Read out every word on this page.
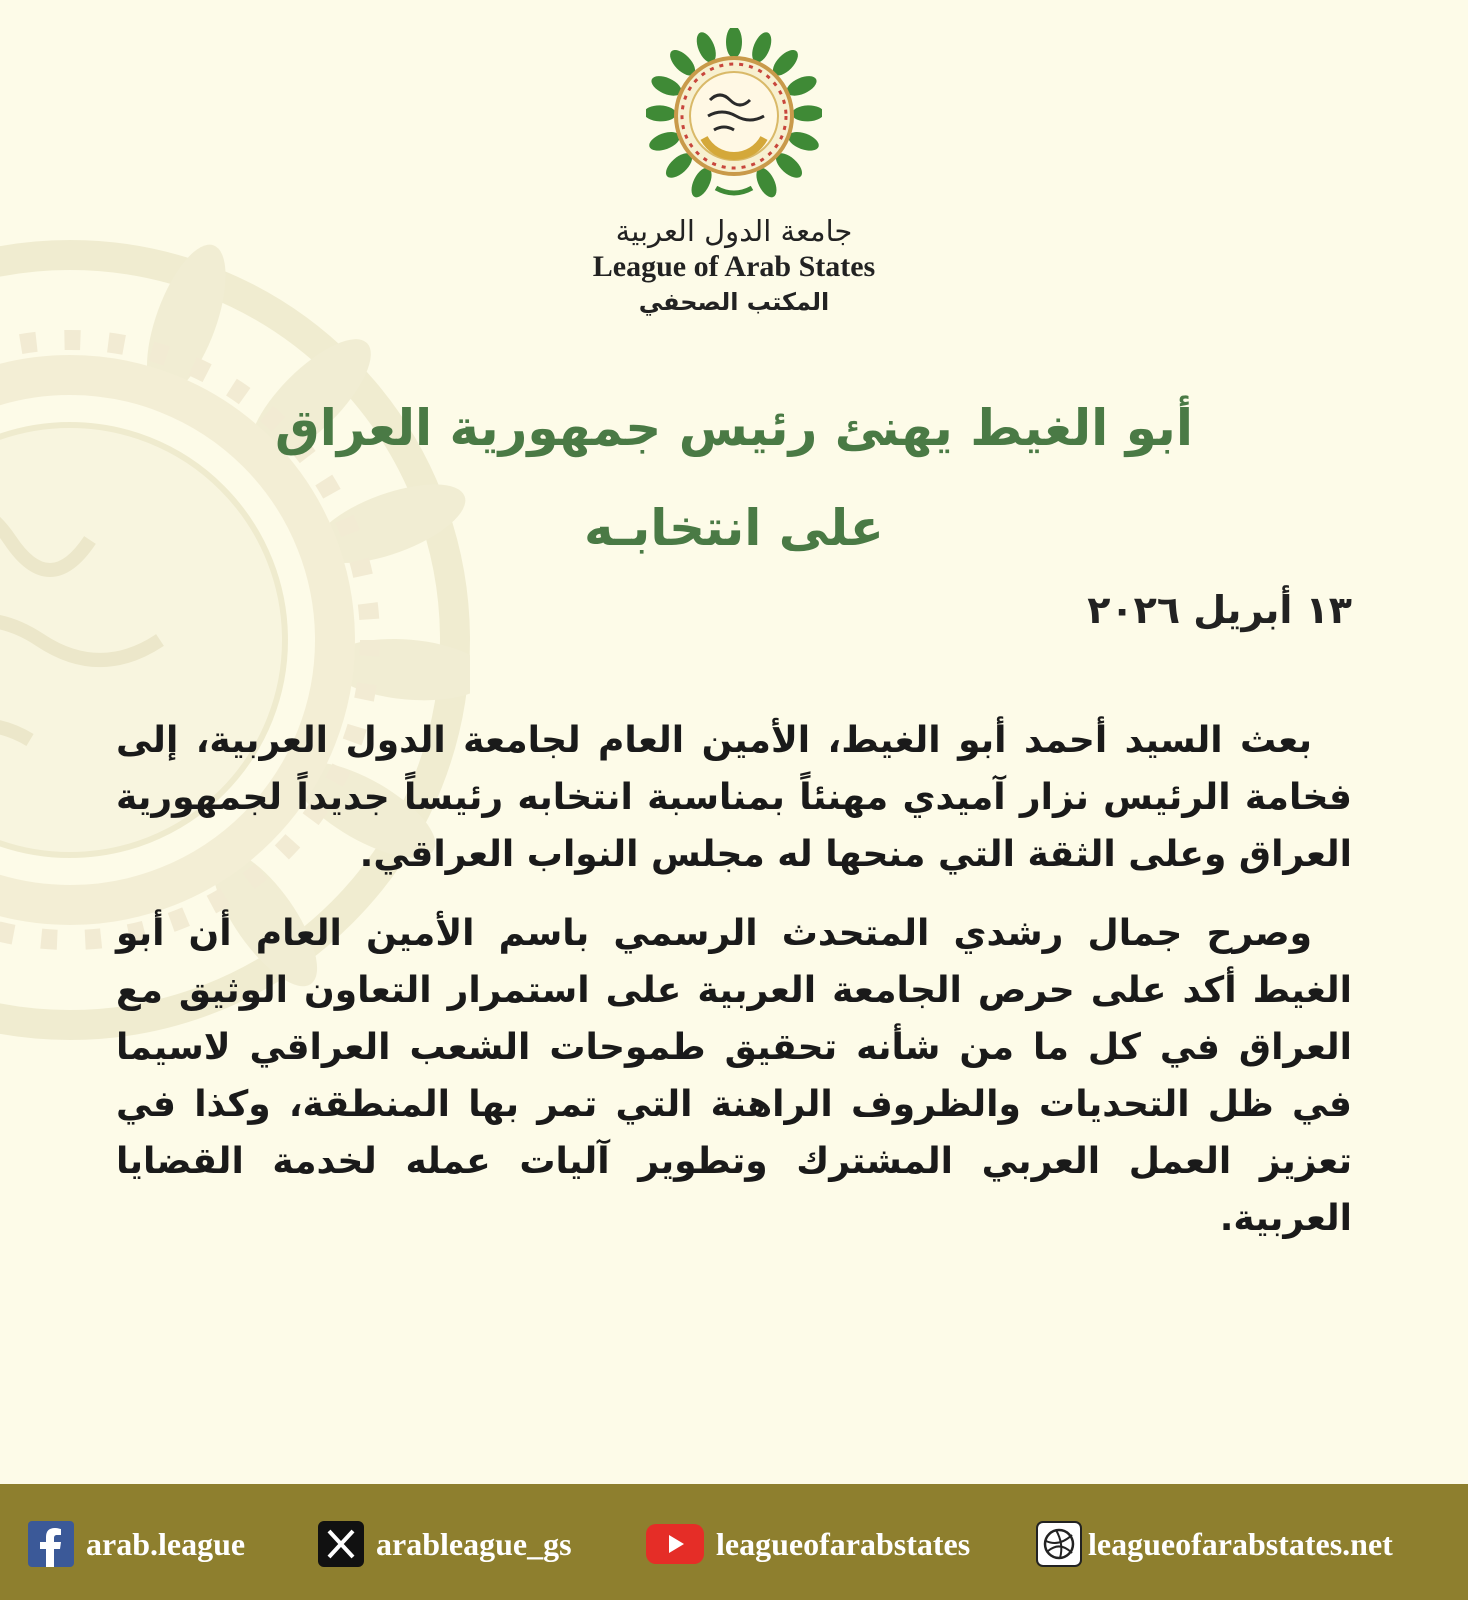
جامعة الدول العربية
League of Arab States
المكتب الصحفي
أبو الغيط يهنئ رئيس جمهورية العراق
على انتخابـه
١٣ أبريل ٢٠٢٦

بعث السيد أحمد أبو الغيط، الأمين العام لجامعة الدول العربية، إلى فخامة الرئيس نزار آميدي مهنئاً بمناسبة انتخابه رئيساً جديداً لجمهورية العراق وعلى الثقة التي منحها له مجلس النواب العراقي.

وصرح جمال رشدي المتحدث الرسمي باسم الأمين العام أن أبو الغيط أكد على حرص الجامعة العربية على استمرار التعاون الوثيق مع العراق في كل ما من شأنه تحقيق طموحات الشعب العراقي لاسيما في ظل التحديات والظروف الراهنة التي تمر بها المنطقة، وكذا في تعزيز العمل العربي المشترك وتطوير آليات عمله لخدمة القضايا العربية.

arab.league	arableague_gs	leagueofarabstates	leagueofarabstates.net
